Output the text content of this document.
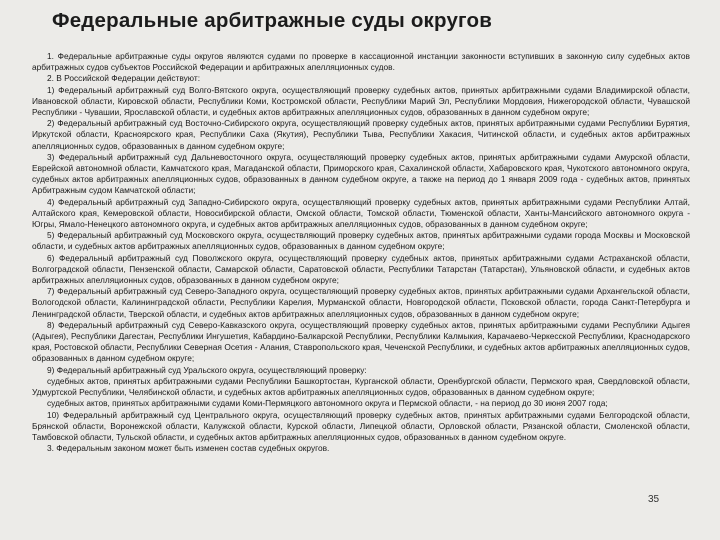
Федеральные арбитражные суды округов

1. Федеральные арбитражные суды округов являются судами по проверке в кассационной инстанции законности вступивших в законную силу судебных актов арбитражных судов субъектов Российской Федерации и арбитражных апелляционных судов.

2. В Российской Федерации действуют:

1) Федеральный арбитражный суд Волго-Вятского округа, осуществляющий проверку судебных актов, принятых арбитражными судами Владимирской области, Ивановской области, Кировской области, Республики Коми, Костромской области, Республики Марий Эл, Республики Мордовия, Нижегородской области, Чувашской Республики - Чувашии, Ярославской области, и судебных актов арбитражных апелляционных судов, образованных в данном судебном округе;

2) Федеральный арбитражный суд Восточно-Сибирского округа, осуществляющий проверку судебных актов, принятых арбитражными судами Республики Бурятия, Иркутской области, Красноярского края, Республики Саха (Якутия), Республики Тыва, Республики Хакасия, Читинской области, и судебных актов арбитражных апелляционных судов, образованных в данном судебном округе;

3) Федеральный арбитражный суд Дальневосточного округа, осуществляющий проверку судебных актов, принятых арбитражными судами Амурской области, Еврейской автономной области, Камчатского края, Магаданской области, Приморского края, Сахалинской области, Хабаровского края, Чукотского автономного округа, судебных актов арбитражных апелляционных судов, образованных в данном судебном округе, а также на период до 1 января 2009 года - судебных актов, принятых Арбитражным судом Камчатской области;

4) Федеральный арбитражный суд Западно-Сибирского округа, осуществляющий проверку судебных актов, принятых арбитражными судами Республики Алтай, Алтайского края, Кемеровской области, Новосибирской области, Омской области, Томской области, Тюменской области, Ханты-Мансийского автономного округа - Югры, Ямало-Ненецкого автономного округа, и судебных актов арбитражных апелляционных судов, образованных в данном судебном округе;

5) Федеральный арбитражный суд Московского округа, осуществляющий проверку судебных актов, принятых арбитражными судами города Москвы и Московской области, и судебных актов арбитражных апелляционных судов, образованных в данном судебном округе;

6) Федеральный арбитражный суд Поволжского округа, осуществляющий проверку судебных актов, принятых арбитражными судами Астраханской области, Волгоградской области, Пензенской области, Самарской области, Саратовской области, Республики Татарстан (Татарстан), Ульяновской области, и судебных актов арбитражных апелляционных судов, образованных в данном судебном округе;

7) Федеральный арбитражный суд Северо-Западного округа, осуществляющий проверку судебных актов, принятых арбитражными судами Архангельской области, Вологодской области, Калининградской области, Республики Карелия, Мурманской области, Новгородской области, Псковской области, города Санкт-Петербурга и Ленинградской области, Тверской области, и судебных актов арбитражных апелляционных судов, образованных в данном судебном округе;

8) Федеральный арбитражный суд Северо-Кавказского округа, осуществляющий проверку судебных актов, принятых арбитражными судами Республики Адыгея (Адыгея), Республики Дагестан, Республики Ингушетия, Кабардино-Балкарской Республики, Республики Калмыкия, Карачаево-Черкесской Республики, Краснодарского края, Ростовской области, Республики Северная Осетия - Алания, Ставропольского края, Чеченской Республики, и судебных актов арбитражных апелляционных судов, образованных в данном судебном округе;

9) Федеральный арбитражный суд Уральского округа, осуществляющий проверку:

судебных актов, принятых арбитражными судами Республики Башкортостан, Курганской области, Оренбургской области, Пермского края, Свердловской области, Удмуртской Республики, Челябинской области, и судебных актов арбитражных апелляционных судов, образованных в данном судебном округе;

судебных актов, принятых арбитражными судами Коми-Пермяцкого автономного округа и Пермской области, - на период до 30 июня 2007 года;

10) Федеральный арбитражный суд Центрального округа, осуществляющий проверку судебных актов, принятых арбитражными судами Белгородской области, Брянской области, Воронежской области, Калужской области, Курской области, Липецкой области, Орловской области, Рязанской области, Смоленской области, Тамбовской области, Тульской области, и судебных актов арбитражных апелляционных судов, образованных в данном судебном округе.

3. Федеральным законом может быть изменен состав судебных округов.

35
